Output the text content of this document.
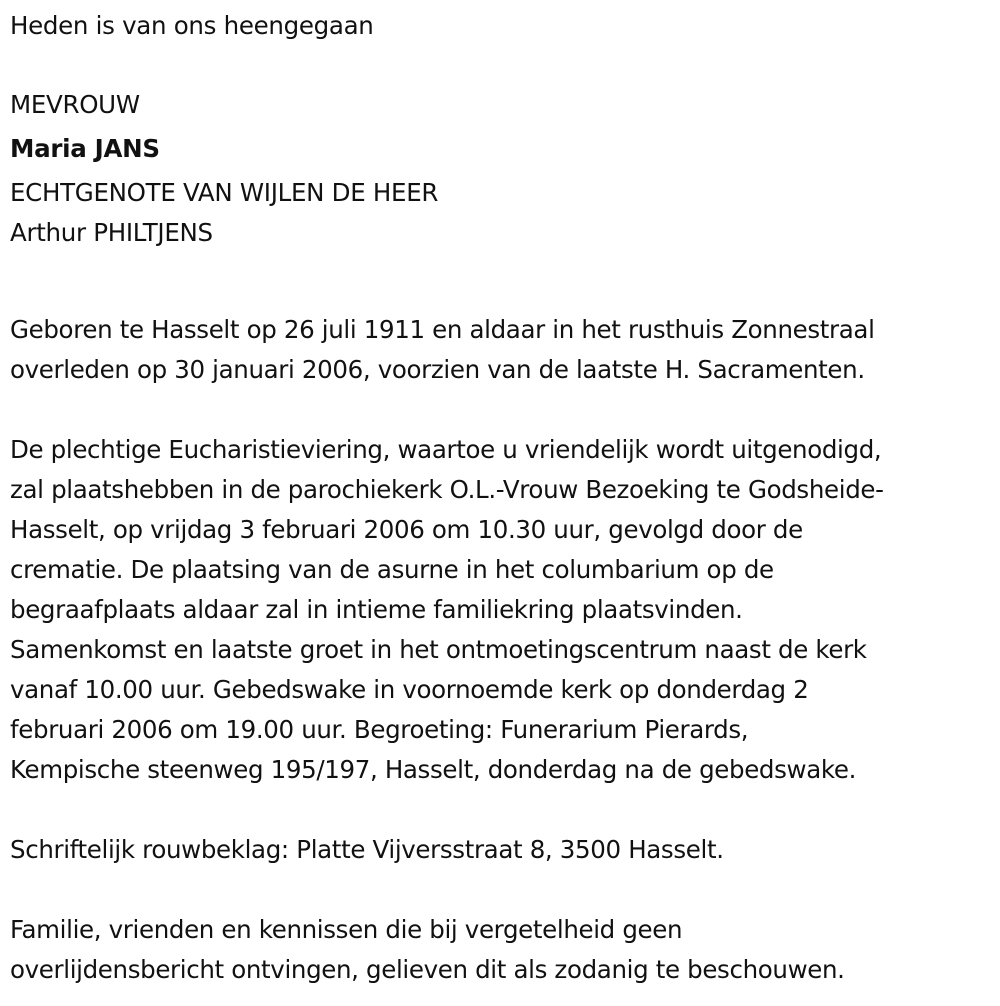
Heden is van ons heengegaan
MEVROUW
Maria JANS
ECHTGENOTE VAN WIJLEN DE HEER
Arthur PHILTJENS
Geboren te Hasselt op 26 juli 1911 en aldaar in het rusthuis Zonnestraal
overleden op 30 januari 2006, voorzien van de laatste H. Sacramenten.
De plechtige Eucharistieviering, waartoe u vriendelijk wordt uitgenodigd,
zal plaatshebben in de parochiekerk O.L.-Vrouw Bezoeking te Godsheide-
Hasselt, op vrijdag 3 februari 2006 om 10.30 uur, gevolgd door de
crematie. De plaatsing van de asurne in het columbarium op de
begraafplaats aldaar zal in intieme familiekring plaatsvinden.
Samenkomst en laatste groet in het ontmoetingscentrum naast de kerk
vanaf 10.00 uur. Gebedswake in voornoemde kerk op donderdag 2
februari 2006 om 19.00 uur. Begroeting: Funerarium Pierards,
Kempische steenweg 195/197, Hasselt, donderdag na de gebedswake.
Schriftelijk rouwbeklag: Platte Vijversstraat 8, 3500 Hasselt.
Familie, vrienden en kennissen die bij vergetelheid geen
overlijdensbericht ontvingen, gelieven dit als zodanig te beschouwen.
